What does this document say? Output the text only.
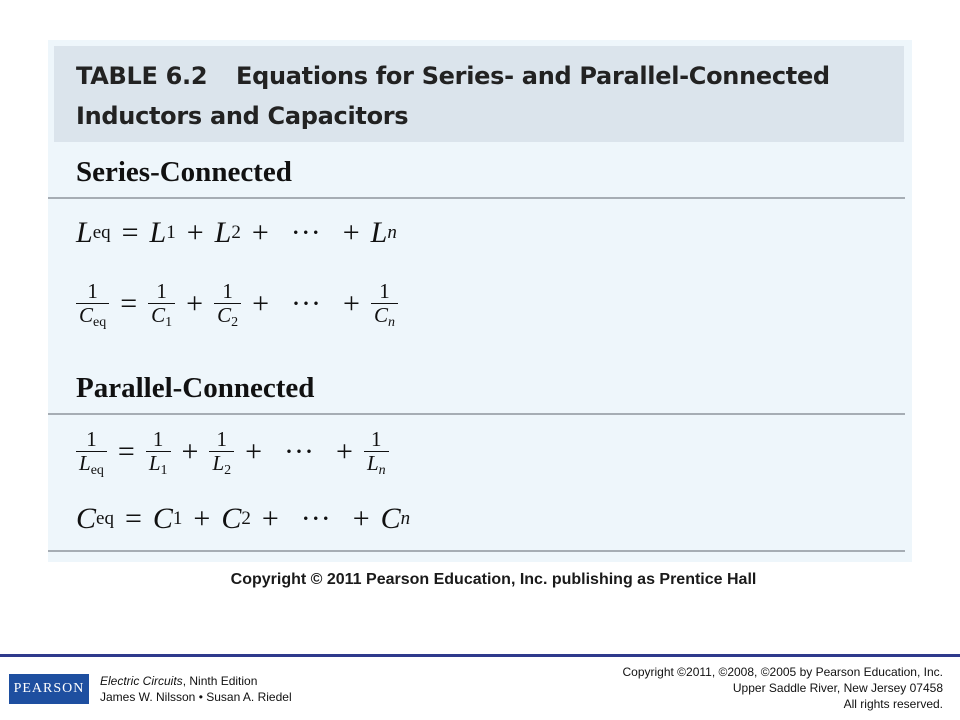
TABLE 6.2 Equations for Series- and Parallel-Connected
Inductors and Capacitors
Series-Connected
L eq = L 1 + L 2 + ··· + L n
$\frac{1}{C_{eq}} = \frac{1}{C_1} + \frac{1}{C_2}$ + ··· + $\frac{1}{C_n}$
Parallel-Connected
$\frac{1}{L_{eq}} = \frac{1}{L_1} + \frac{1}{L_2}$ + ··· + $\frac{1}{L_n}$
C eq = C 1 + C 2 + ··· + C n
Copyright © 2011 Pearson Education, Inc. publishing as Prentice Hall
PEARSON	Electric Circuits, Ninth Edition
James W. Nilsson • Susan A. Riedel
Copyright ©2011, ©2008, ©2005 by Pearson Education, Inc.
Upper Saddle River, New Jersey 07458
All rights reserved.
